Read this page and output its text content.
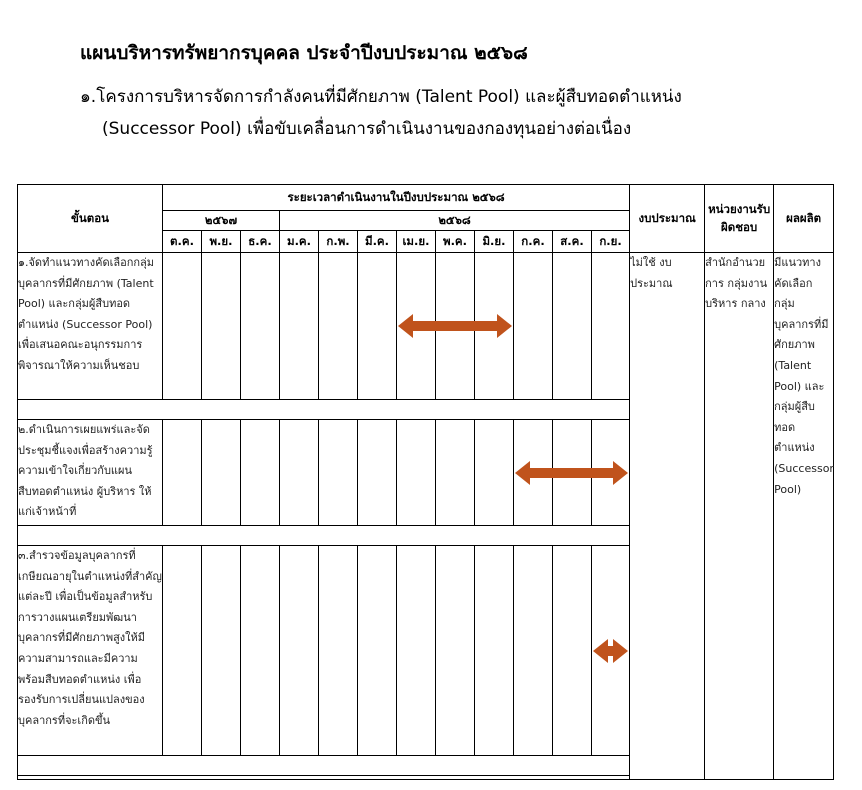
แผนบริหารทรัพยากรบุคคล ประจำปีงบประมาณ ๒๕๖๘
๑.โครงการบริหารจัดการกำลังคนที่มีศักยภาพ (Talent Pool) และผู้สืบทอดตำแหน่ง
(Successor Pool) เพื่อขับเคลื่อนการดำเนินงานของกองทุนอย่างต่อเนื่อง
ขั้นตอน	ระยะเวลาดำเนินงานในปีงบประมาณ ๒๕๖๘												งบประมาณ	หน่วยงานรับผิดชอบ	ผลผลิต
	๒๕๖๗			๒๕๖๘											
	ต.ค.	พ.ย.	ธ.ค.	ม.ค.	ก.พ.	มี.ค.	เม.ย.	พ.ค.	มิ.ย.	ก.ค.	ส.ค.	ก.ย.			
๑.จัดทำแนวทางคัดเลือกกลุ่มบุคลากรที่มีศักยภาพ (Talent Pool) และกลุ่มผู้สืบทอดตำแหน่ง (Successor Pool) เพื่อเสนอคณะอนุกรรมการพิจารณาให้ความเห็นชอบ													ไม่ใช้ งบประมาณ	สำนักอำนวยการ กลุ่มงานบริหาร กลาง	มีแนวทาง คัดเลือก กลุ่ม บุคลากรที่มี ศักยภาพ (Talent Pool) และ กลุ่มผู้สืบ ทอด ตำแหน่ง (Successor Pool)

๒.ดำเนินการเผยแพร่และจัดประชุมชี้แจงเพื่อสร้างความรู้ความเข้าใจเกี่ยวกับแผนสืบทอดตำแหน่ง ผู้บริหาร ให้แก่เจ้าหน้าที่										

๓.สำรวจข้อมูลบุคลากรที่เกษียณอายุในตำแหน่งที่สำคัญแต่ละปี เพื่อเป็นข้อมูลสำหรับการวางแผนเตรียมพัฒนาบุคลากรที่มีศักยภาพสูงให้มีความสามารถและมีความพร้อมสืบทอดตำแหน่ง เพื่อรองรับการเปลี่ยนแปลงของบุคลากรที่จะเกิดขึ้น												
